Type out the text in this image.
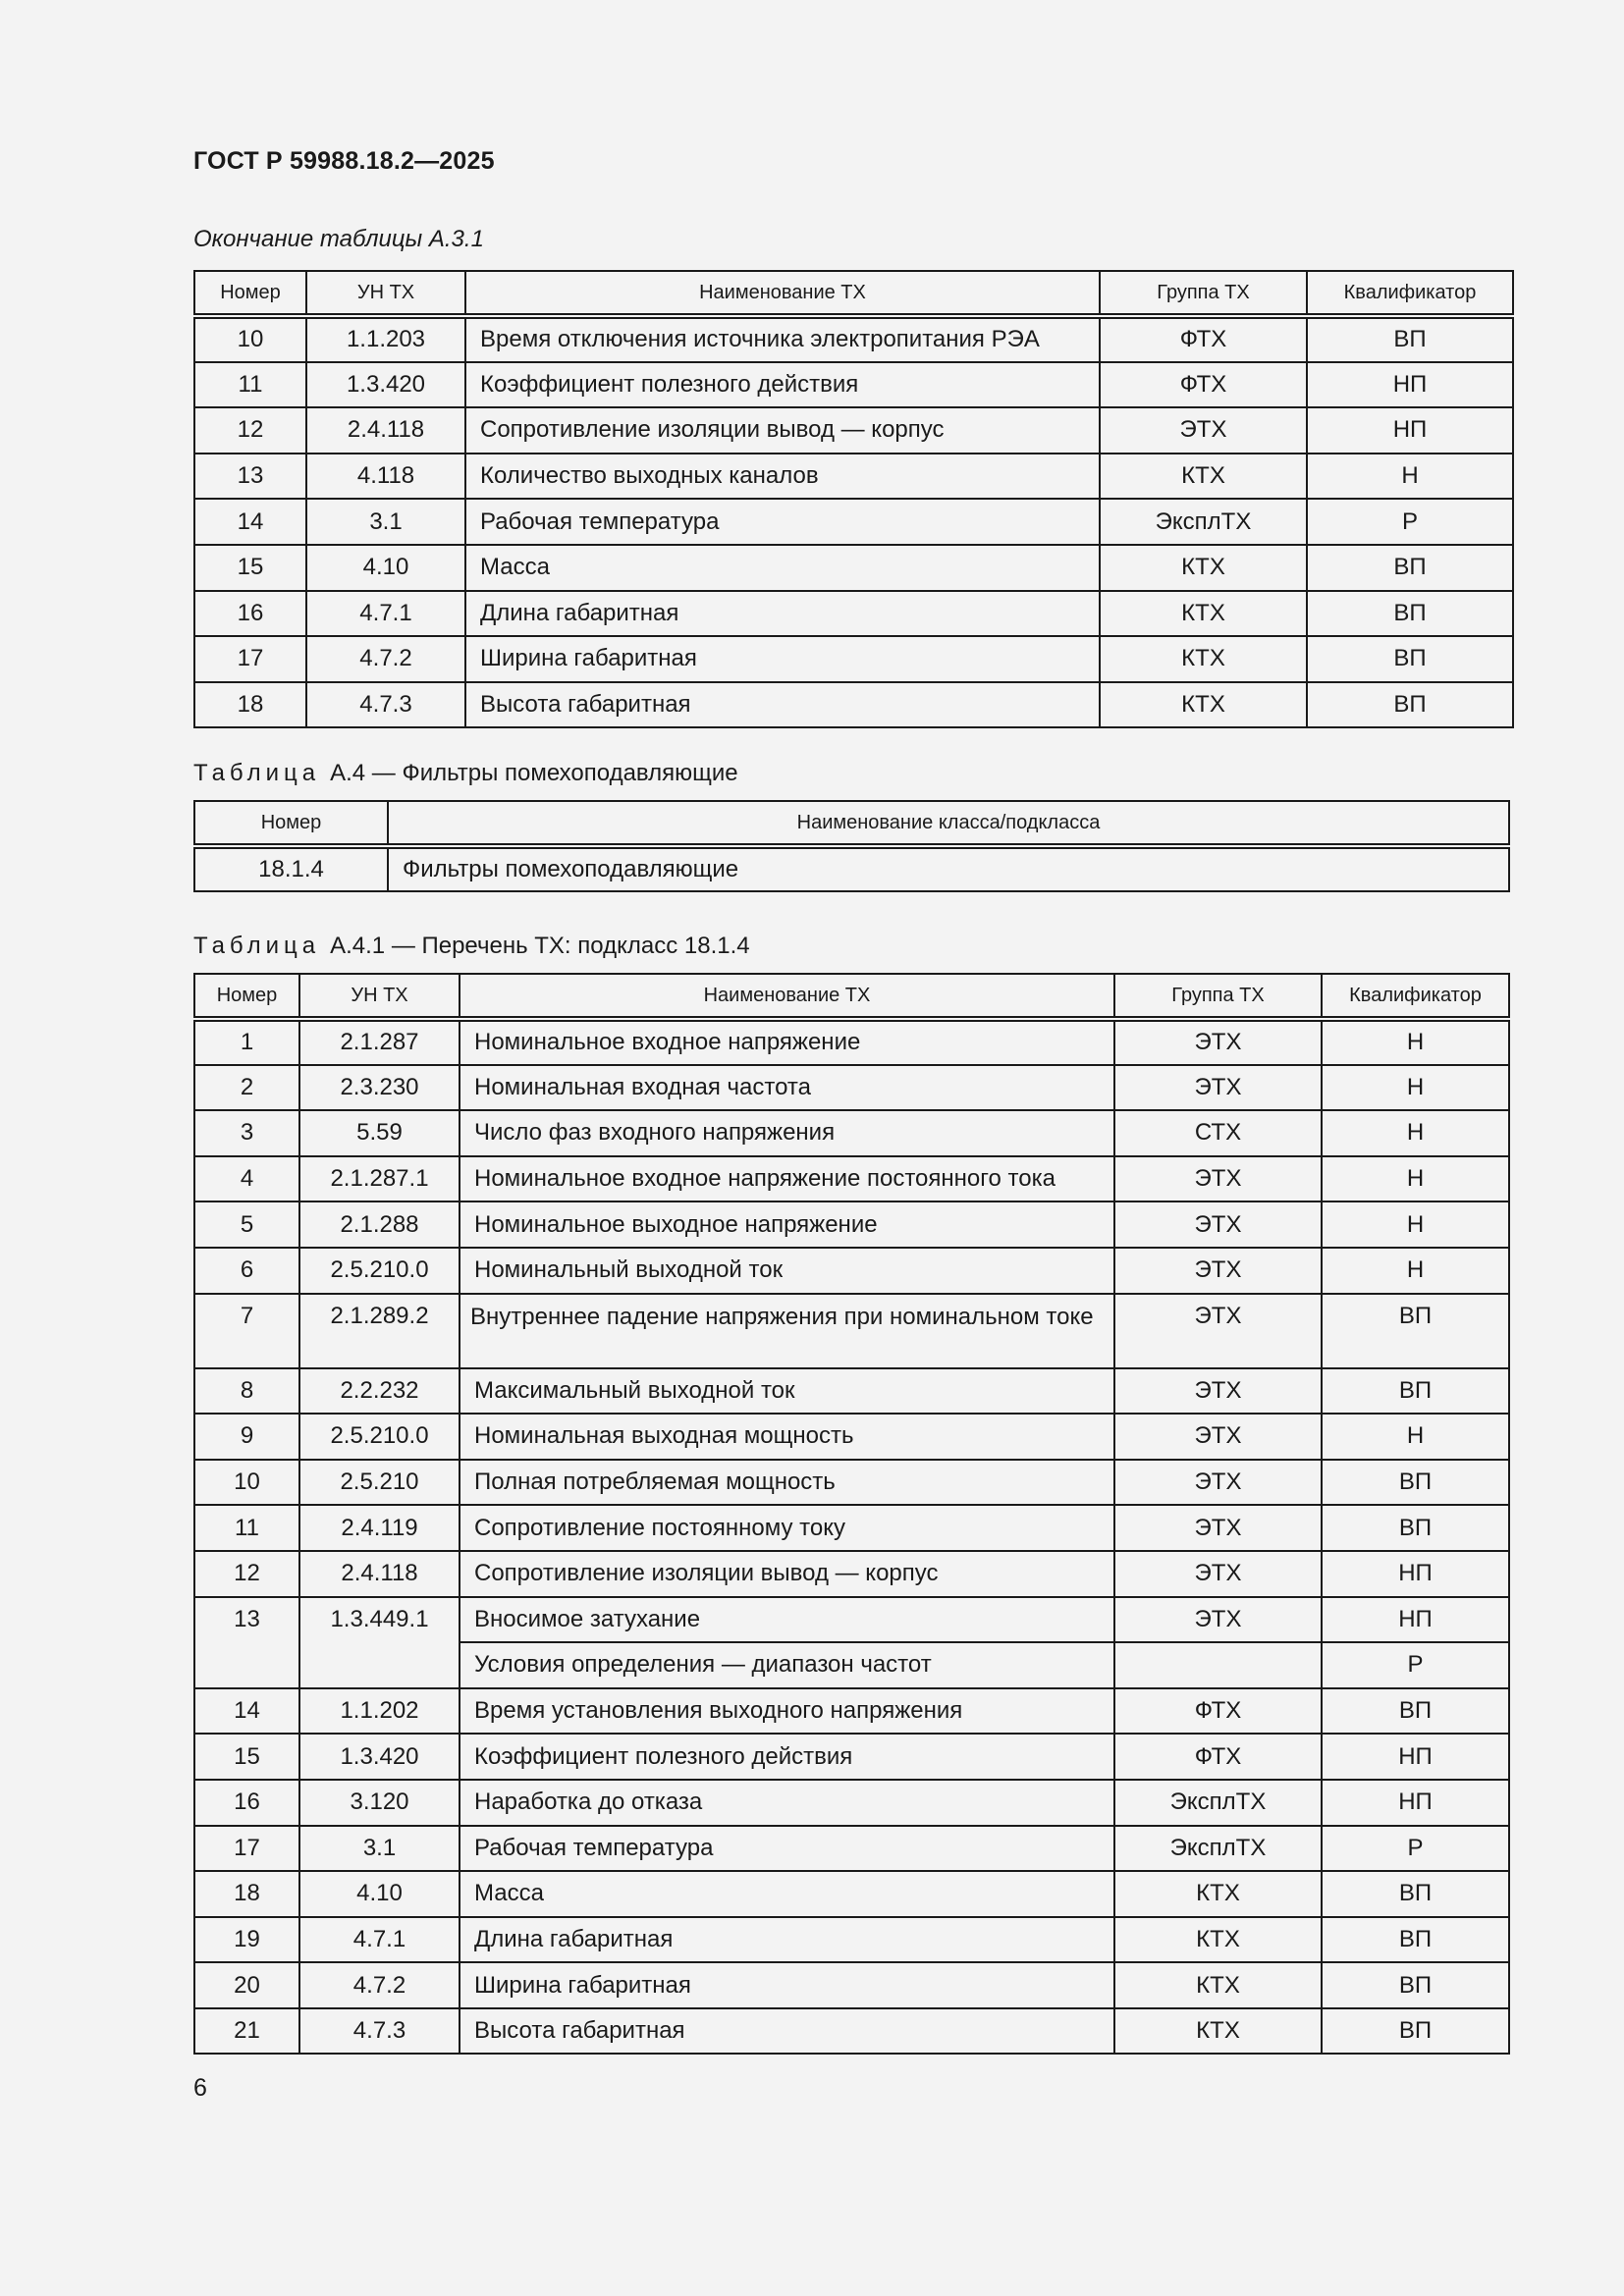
ГОСТ Р 59988.18.2—2025
Окончание таблицы А.3.1
Номер	УН ТХ	Наименование ТХ	Группа ТХ	Квалификатор
10	1.1.203	Время отключения источника электропитания РЭА	ФТХ	ВП
11	1.3.420	Коэффициент полезного действия	ФТХ	НП
12	2.4.118	Сопротивление изоляции вывод — корпус	ЭТХ	НП
13	4.118	Количество выходных каналов	КТХ	Н
14	3.1	Рабочая температура	ЭксплТХ	Р
15	4.10	Масса	КТХ	ВП
16	4.7.1	Длина габаритная	КТХ	ВП
17	4.7.2	Ширина габаритная	КТХ	ВП
18	4.7.3	Высота габаритная	КТХ	ВП
Таблица А.4 — Фильтры помехоподавляющие
Номер	Наименование класса/подкласса
18.1.4	Фильтры помехоподавляющие
Таблица А.4.1 — Перечень ТХ: подкласс 18.1.4
Номер	УН ТХ	Наименование ТХ	Группа ТХ	Квалификатор
1	2.1.287	Номинальное входное напряжение	ЭТХ	Н
2	2.3.230	Номинальная входная частота	ЭТХ	Н
3	5.59	Число фаз входного напряжения	СТХ	Н
4	2.1.287.1	Номинальное входное напряжение постоянного тока	ЭТХ	Н
5	2.1.288	Номинальное выходное напряжение	ЭТХ	Н
6	2.5.210.0	Номинальный выходной ток	ЭТХ	Н
7	2.1.289.2	Внутреннее падение напряжения при номинальном токе	ЭТХ	ВП
8	2.2.232	Максимальный выходной ток	ЭТХ	ВП
9	2.5.210.0	Номинальная выходная мощность	ЭТХ	Н
10	2.5.210	Полная потребляемая мощность	ЭТХ	ВП
11	2.4.119	Сопротивление постоянному току	ЭТХ	ВП
12	2.4.118	Сопротивление изоляции вывод — корпус	ЭТХ	НП
13	1.3.449.1	Вносимое затухание	ЭТХ	НП
		Условия определения — диапазон частот		Р
14	1.1.202	Время установления выходного напряжения	ФТХ	ВП
15	1.3.420	Коэффициент полезного действия	ФТХ	НП
16	3.120	Наработка до отказа	ЭксплТХ	НП
17	3.1	Рабочая температура	ЭксплТХ	Р
18	4.10	Масса	КТХ	ВП
19	4.7.1	Длина габаритная	КТХ	ВП
20	4.7.2	Ширина габаритная	КТХ	ВП
21	4.7.3	Высота габаритная	КТХ	ВП
6
